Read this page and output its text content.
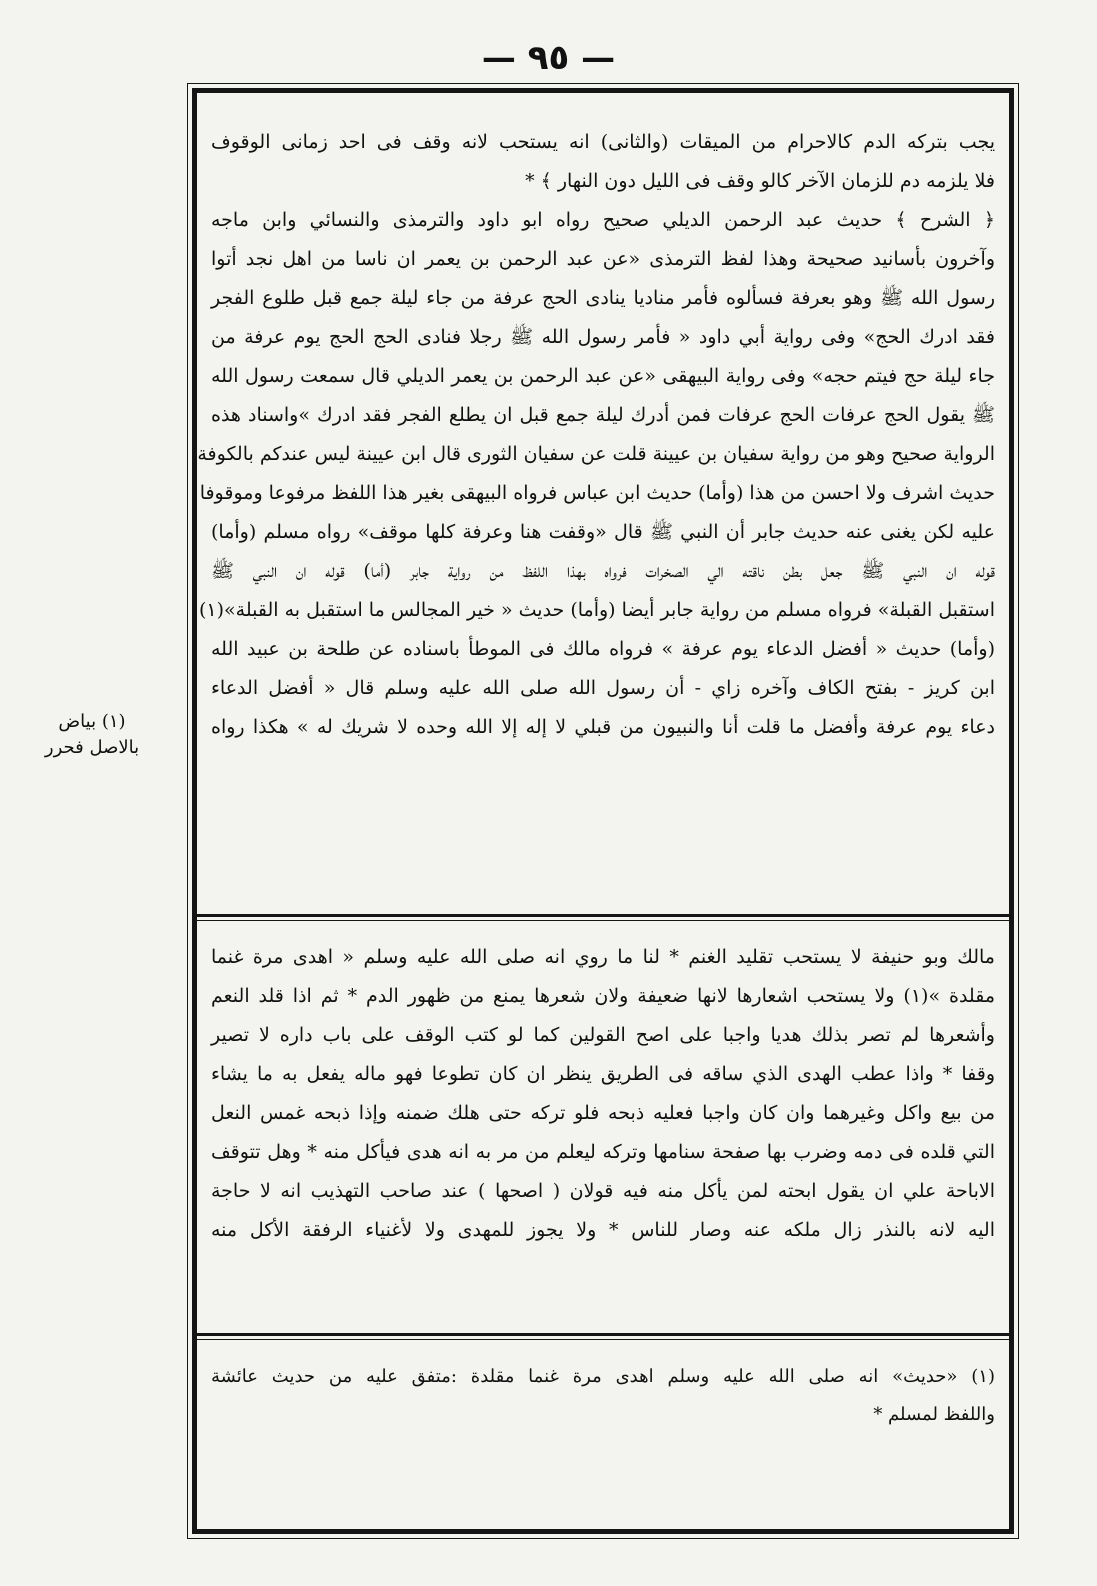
— ٩٥ —
(١) بياض
بالاصل فحرر
يجب بتركه الدم كالاحرام من الميقات (والثانى) انه يستحب لانه وقف فى احد زمانى الوقوف
فلا يلزمه دم للزمان الآخر كالو وقف فى الليل دون النهار ﴾ *
﴿ الشرح ﴾ حديث عبد الرحمن الديلي صحيح رواه ابو داود والترمذى والنسائي وابن ماجه
وآخرون بأسانيد صحيحة وهذا لفظ الترمذى «عن عبد الرحمن بن يعمر ان ناسا من اهل نجد أتوا
رسول الله ﷺ وهو بعرفة فسألوه فأمر مناديا ينادى الحج عرفة من جاء ليلة جمع قبل طلوع الفجر
فقد ادرك الحج» وفى رواية أبي داود « فأمر رسول الله ﷺ رجلا فنادى الحج الحج يوم عرفة من
جاء ليلة حج فيتم حجه» وفى رواية البيهقى «عن عبد الرحمن بن يعمر الديلي قال سمعت رسول الله
ﷺ يقول الحج عرفات الحج عرفات فمن أدرك ليلة جمع قبل ان يطلع الفجر فقد ادرك »واسناد هذه
الرواية صحيح وهو من رواية سفيان بن عيينة قلت عن سفيان الثورى قال ابن عيينة ليس عندكم بالكوفة
حديث اشرف ولا احسن من هذا (وأما) حديث ابن عباس فرواه البيهقى بغير هذا اللفظ مرفوعا وموقوفا
عليه لكن يغنى عنه حديث جابر أن النبي ﷺ قال «وقفت هنا وعرفة كلها موقف» رواه مسلم (وأما)
قوله ان النبي ﷺ جعل بطن ناقته الي الصخرات فرواه بهذا اللفظ من رواية جابر (أما) قوله ان النبي ﷺ
استقبل القبلة» فرواه مسلم من رواية جابر أيضا (وأما) حديث « خير المجالس ما استقبل به القبلة»(١)
(وأما) حديث « أفضل الدعاء يوم عرفة » فرواه مالك فى الموطأ باسناده عن طلحة بن عبيد الله
ابن كريز - بفتح الكاف وآخره زاي - أن رسول الله صلى الله عليه وسلم قال « أفضل الدعاء
دعاء يوم عرفة وأفضل ما قلت أنا والنبيون من قبلي لا إله إلا الله وحده لا شريك له » هكذا رواه
مالك وبو حنيفة لا يستحب تقليد الغنم * لنا ما روي انه صلى الله عليه وسلم « اهدى مرة غنما
مقلدة »(١) ولا يستحب اشعارها لانها ضعيفة ولان شعرها يمنع من ظهور الدم * ثم اذا قلد النعم
وأشعرها لم تصر بذلك هديا واجبا على اصح القولين كما لو كتب الوقف على باب داره لا تصير
وقفا * واذا عطب الهدى الذي ساقه فى الطريق ينظر ان كان تطوعا فهو ماله يفعل به ما يشاء
من بيع واكل وغيرهما وان كان واجبا فعليه ذبحه فلو تركه حتى هلك ضمنه وإذا ذبحه غمس النعل
التي قلده فى دمه وضرب بها صفحة سنامها وتركه ليعلم من مر به انه هدى فيأكل منه * وهل تتوقف
الاباحة علي ان يقول ابحته لمن يأكل منه فيه قولان ( اصحها ) عند صاحب التهذيب انه لا حاجة
اليه لانه بالنذر زال ملكه عنه وصار للناس * ولا يجوز للمهدى ولا لأغنياء الرفقة الأكل منه
(١) «حديث» انه صلى الله عليه وسلم اهدى مرة غنما مقلدة :متفق عليه من حديث عائشة
واللفظ لمسلم *
